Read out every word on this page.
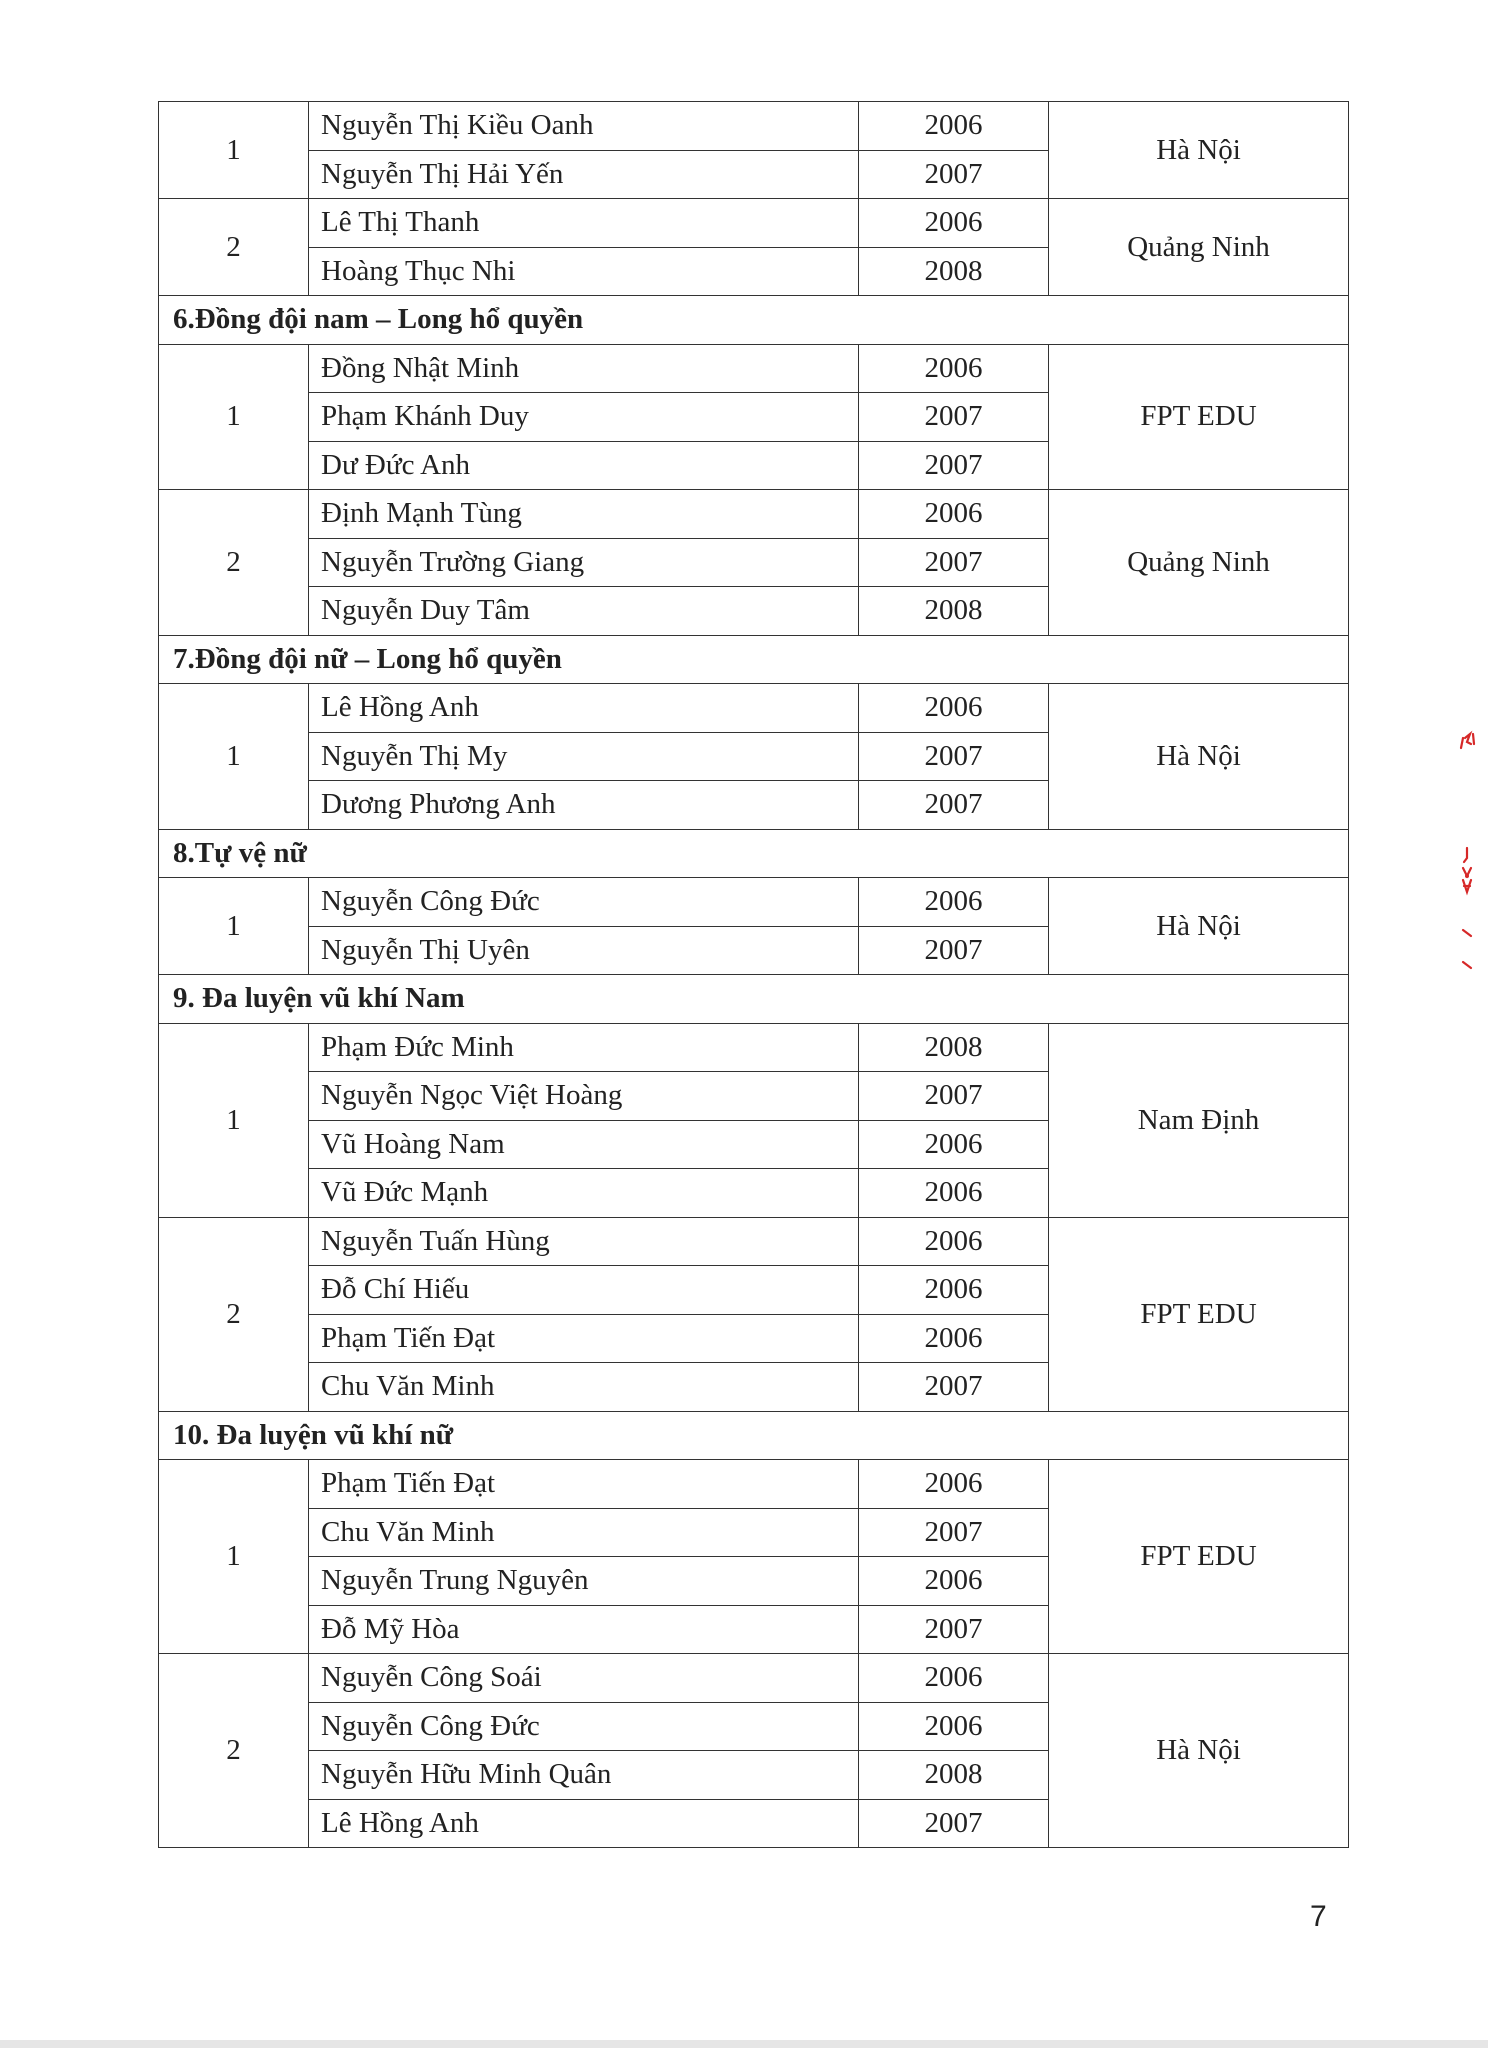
1	Nguyễn Thị Kiều Oanh	2006	Hà Nội
	Nguyễn Thị Hải Yến	2007	
2	Lê Thị Thanh	2006	Quảng Ninh
	Hoàng Thục Nhi	2008	
6.Đồng đội nam – Long hổ quyền			
1	Đồng Nhật Minh	2006	FPT EDU
	Phạm Khánh Duy	2007	
	Dư Đức Anh	2007	
2	Định Mạnh Tùng	2006	Quảng Ninh
	Nguyễn Trường Giang	2007	
	Nguyễn Duy Tâm	2008	
7.Đồng đội nữ – Long hổ quyền			
1	Lê Hồng Anh	2006	Hà Nội
	Nguyễn Thị My	2007	
	Dương Phương Anh	2007	
8.Tự vệ nữ			
1	Nguyễn Công Đức	2006	Hà Nội
	Nguyễn Thị Uyên	2007	
9. Đa luyện vũ khí Nam			
1	Phạm Đức Minh	2008	Nam Định
	Nguyễn Ngọc Việt Hoàng	2007	
	Vũ Hoàng Nam	2006	
	Vũ Đức Mạnh	2006	
2	Nguyễn Tuấn Hùng	2006	FPT EDU
	Đỗ Chí Hiếu	2006	
	Phạm Tiến Đạt	2006	
	Chu Văn Minh	2007	
10. Đa luyện vũ khí nữ			
1	Phạm Tiến Đạt	2006	FPT EDU
	Chu Văn Minh	2007	
	Nguyễn Trung Nguyên	2006	
	Đỗ Mỹ Hòa	2007	
2	Nguyễn Công Soái	2006	Hà Nội
	Nguyễn Công Đức	2006	
	Nguyễn Hữu Minh Quân	2008	
	Lê Hồng Anh	2007	
7
